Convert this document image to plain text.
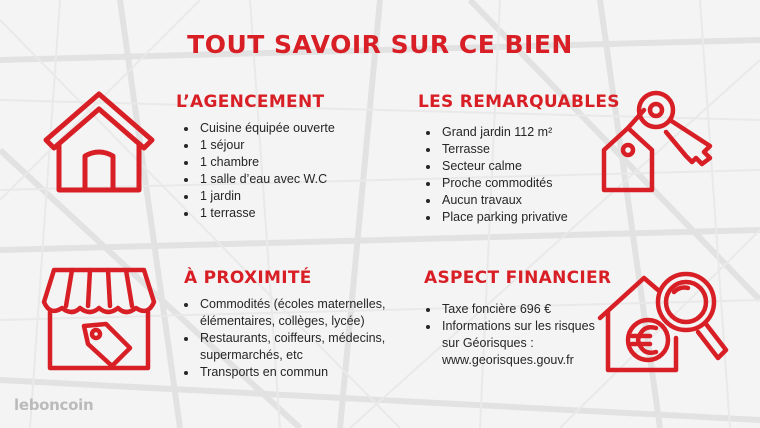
TOUT SAVOIR SUR CE BIEN
L’AGENCEMENT
• Cuisine équipée ouverte
• 1 séjour
• 1 chambre
• 1 salle d’eau avec W.C
• 1 jardin
• 1 terrasse
LES REMARQUABLES
• Grand jardin 112 m²
• Terrasse
• Secteur calme
• Proche commodités
• Aucun travaux
• Place parking privative
À PROXIMITÉ
• Commodités (écoles maternelles, élémentaires, collèges, lycée)
• Restaurants, coiffeurs, médecins, supermarchés, etc
• Transports en commun
ASPECT FINANCIER
• Taxe foncière 696 €
• Informations sur les risques sur Géorisques : www.georisques.gouv.fr
leboncoin
